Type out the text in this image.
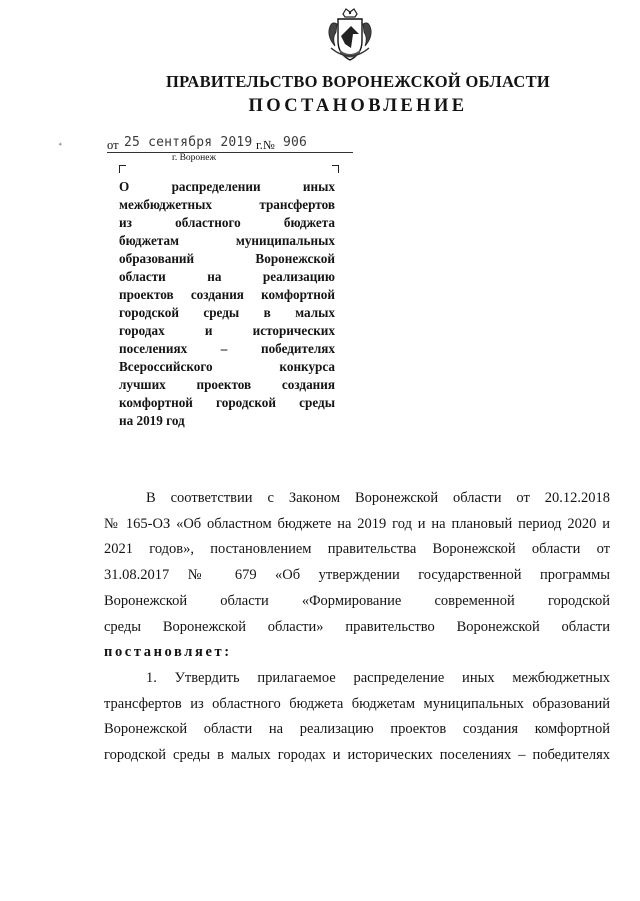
ПРАВИТЕЛЬСТВО ВОРОНЕЖСКОЙ ОБЛАСТИ
ПОСТАНОВЛЕНИЕ
ᐩ	от 25 сентября 2019 г.№ 906
г. Воронеж
О распределении иных
межбюджетных трансфертов
из областного бюджета
бюджетам муниципальных
образований Воронежской
области на реализацию
проектов создания комфортной
городской среды в малых
городах и исторических
поселениях – победителях
Всероссийского конкурса
лучших проектов создания
комфортной городской среды
на 2019 год
В соответствии с Законом Воронежской области от 20.12.2018
№ 165-ОЗ «Об областном бюджете на 2019 год и на плановый период 2020 и
2021 годов», постановлением правительства Воронежской области от
31.08.2017 № 679 «Об утверждении государственной программы
Воронежской области «Формирование современной городской
среды Воронежской области» правительство Воронежской области
постановляет:
1. Утвердить прилагаемое распределение иных межбюджетных
трансфертов из областного бюджета бюджетам муниципальных образований
Воронежской области на реализацию проектов создания комфортной
городской среды в малых городах и исторических поселениях – победителях
